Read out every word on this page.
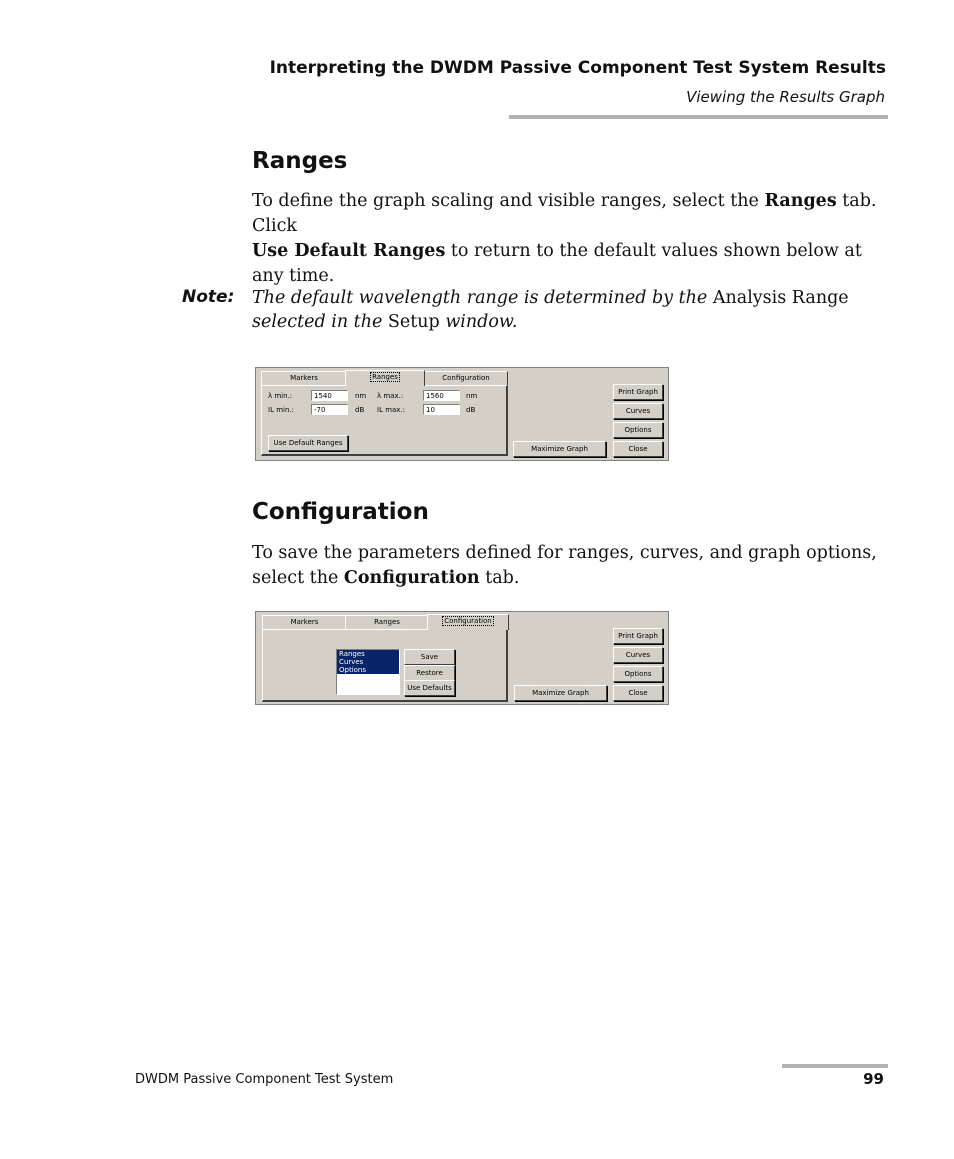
Interpreting the DWDM Passive Component Test System Results
Viewing the Results Graph
Ranges

To define the graph scaling and visible ranges, select the Ranges tab. Click
Use Default Ranges to return to the default values shown below at any time.

Note: The default wavelength range is determined by the Analysis Range selected in the Setup window.
Markers	Ranges	Configuration
λ min.:	1540	nm λ max.:	1560	nm
IL min.:	-70	dB IL max.:	10	dB
Use Default Ranges
Maximize Graph
Print Graph
Curves
Options
Close
Configuration

To save the parameters defined for ranges, curves, and graph options, select the Configuration tab.

Markers	Ranges	Configuration
Ranges
Curves
Options
Save
Restore
Use Defaults
Maximize Graph
Print Graph
Curves
Options
Close
DWDM Passive Component Test System	99
